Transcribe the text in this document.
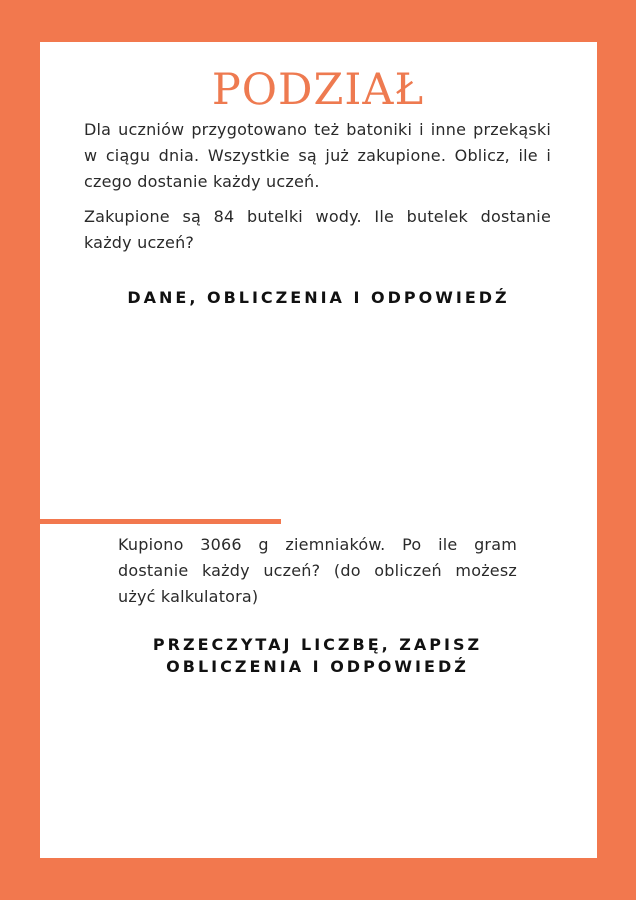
PODZIAŁ
Dla uczniów przygotowano też batoniki i inne przekąski w ciągu dnia. Wszystkie są już zakupione. Oblicz, ile i czego dostanie każdy uczeń.
Zakupione są 84 butelki wody. Ile butelek dostanie każdy uczeń?
DANE, OBLICZENIA I ODPOWIEDŹ
Kupiono 3066 g ziemniaków. Po ile gram dostanie każdy uczeń? (do obliczeń możesz użyć kalkulatora)
PRZECZYTAJ LICZBĘ, ZAPISZ
OBLICZENIA I ODPOWIEDŹ
